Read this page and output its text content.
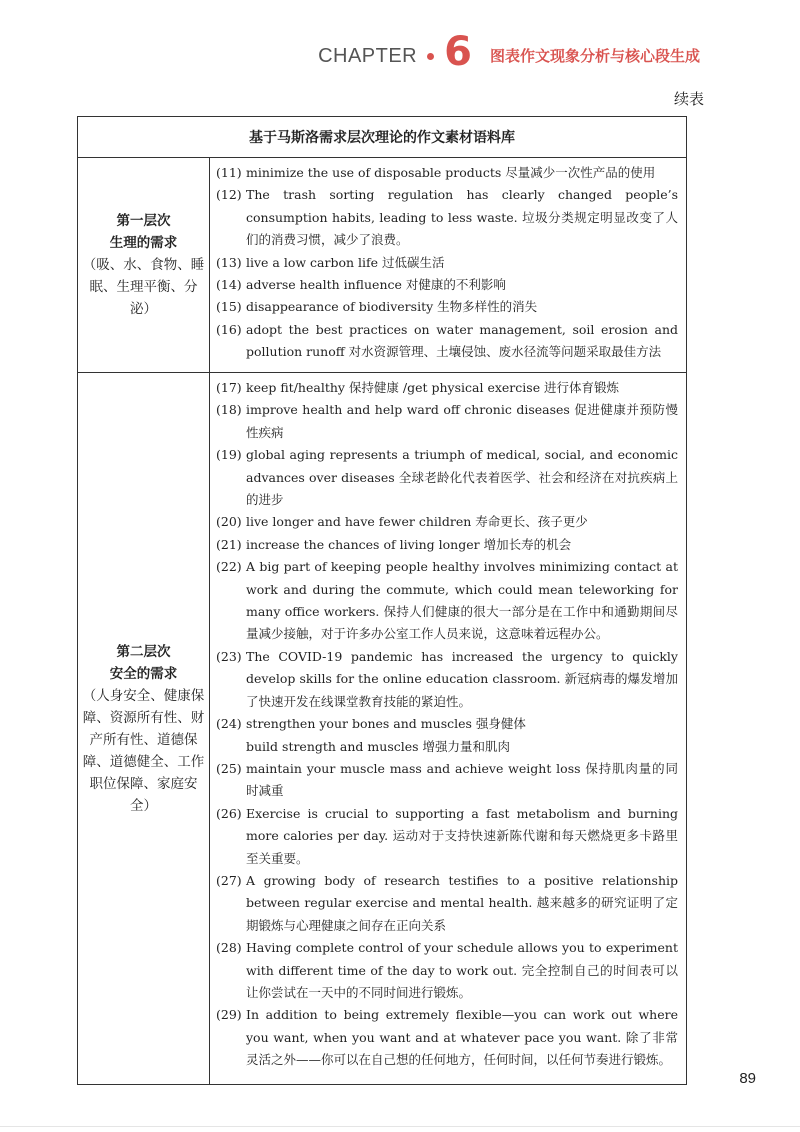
CHAPTER 6 图表作文现象分析与核心段生成
续表
基于马斯洛需求层次理论的作文素材语料库
第一层次
生理的需求
（吸、水、食物、睡眠、生理平衡、分泌）
(11) minimize the use of disposable products 尽量减少一次性产品的使用
(12) The trash sorting regulation has clearly changed people’s consumption habits, leading to less waste. 垃圾分类规定明显改变了人们的消费习惯，减少了浪费。
(13) live a low carbon life 过低碳生活
(14) adverse health influence 对健康的不利影响
(15) disappearance of biodiversity 生物多样性的消失
(16) adopt the best practices on water management, soil erosion and pollution runoff 对水资源管理、土壤侵蚀、废水径流等问题采取最佳方法
第二层次
安全的需求
（人身安全、健康保障、资源所有性、财产所有性、道德保障、道德健全、工作职位保障、家庭安全）
(17) keep fit/healthy 保持健康 /get physical exercise 进行体育锻炼
(18) improve health and help ward off chronic diseases 促进健康并预防慢性疾病
(19) global aging represents a triumph of medical, social, and economic advances over diseases 全球老龄化代表着医学、社会和经济在对抗疾病上的进步
(20) live longer and have fewer children 寿命更长、孩子更少
(21) increase the chances of living longer 增加长寿的机会
(22) A big part of keeping people healthy involves minimizing contact at work and during the commute, which could mean teleworking for many office workers. 保持人们健康的很大一部分是在工作中和通勤期间尽量减少接触，对于许多办公室工作人员来说，这意味着远程办公。
(23) The COVID-19 pandemic has increased the urgency to quickly develop skills for the online education classroom. 新冠病毒的爆发增加了快速开发在线课堂教育技能的紧迫性。
(24) strengthen your bones and muscles 强身健体
build strength and muscles 增强力量和肌肉
(25) maintain your muscle mass and achieve weight loss 保持肌肉量的同时减重
(26) Exercise is crucial to supporting a fast metabolism and burning more calories per day. 运动对于支持快速新陈代谢和每天燃烧更多卡路里至关重要。
(27) A growing body of research testifies to a positive relationship between regular exercise and mental health. 越来越多的研究证明了定期锻炼与心理健康之间存在正向关系
(28) Having complete control of your schedule allows you to experiment with different time of the day to work out. 完全控制自己的时间表可以让你尝试在一天中的不同时间进行锻炼。
(29) In addition to being extremely flexible—you can work out where you want, when you want and at whatever pace you want. 除了非常灵活之外——你可以在自己想的任何地方，任何时间，以任何节奏进行锻炼。
89
